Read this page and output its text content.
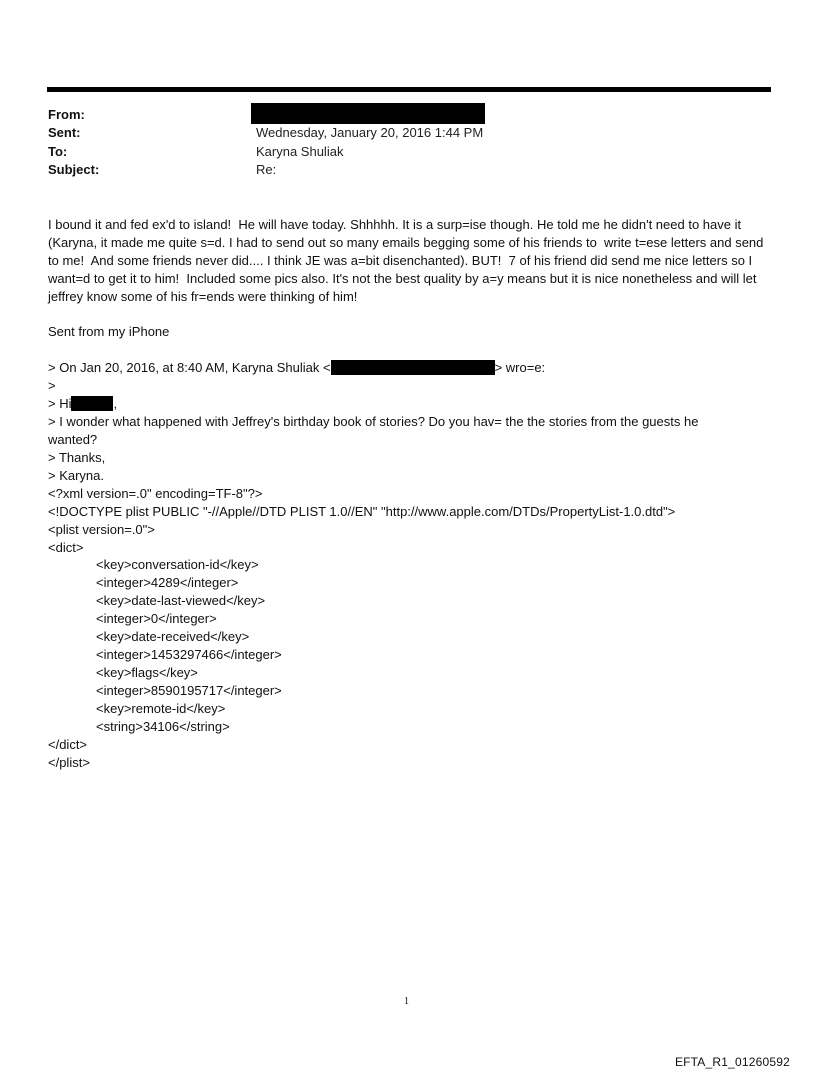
From:
Sent:	Wednesday, January 20, 2016 1:44 PM
To:	Karyna Shuliak
Subject:	Re:
I bound it and fed ex'd to island!  He will have today. Shhhhh. It is a surp=ise though. He told me he didn't need to have it (Karyna, it made me quite s=d. I had to send out so many emails begging some of his friends to  write t=ese letters and send to me!  And some friends never did.... I think JE was a=bit disenchanted). BUT!  7 of his friend did send me nice letters so I want=d to get it to him!  Included some pics also. It's not the best quality by a=y means but it is nice nonetheless and will let jeffrey know some of his fr=ends were thinking of him!
Sent from my iPhone
> On Jan 20, 2016, at 8:40 AM, Karyna Shuliak <	> wro=e:
>
> Hi	,
> I wonder what happened with Jeffrey's birthday book of stories? Do you hav= the the stories from the guests he
wanted?
> Thanks,
> Karyna.
<?xml version=.0" encoding=TF-8"?>
<!DOCTYPE plist PUBLIC "-//Apple//DTD PLIST 1.0//EN" "http://www.apple.com/DTDs/PropertyList-1.0.dtd">
<plist version=.0">
<dict>
<key>conversation-id</key>
<integer>4289</integer>
<key>date-last-viewed</key>
<integer>0</integer>
<key>date-received</key>
<integer>1453297466</integer>
<key>flags</key>
<integer>8590195717</integer>
<key>remote-id</key>
<string>34106</string>
</dict>
</plist>
1
EFTA_R1_01260592
